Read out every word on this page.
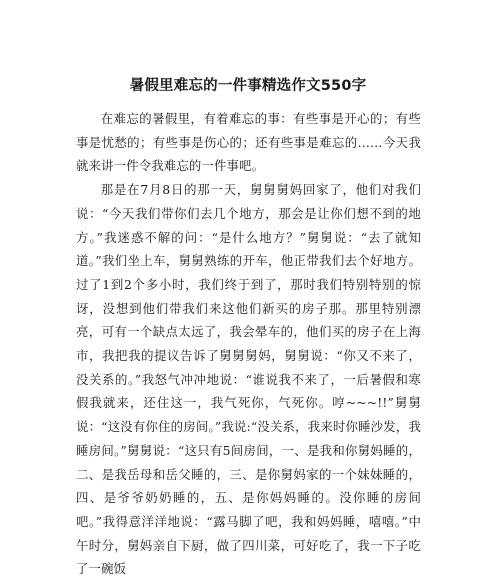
暑假里难忘的一件事精选作文550字

在难忘的暑假里，有着难忘的事：有些事是开心的；有些事是忧愁的；有些事是伤心的；还有些事是难忘的……今天我就来讲一件令我难忘的一件事吧。

那是在7月8日的那一天，舅舅舅妈回家了，他们对我们说：“今天我们带你们去几个地方，那会是让你们想不到的地方。”我迷惑不解的问：“是什么地方？”舅舅说：“去了就知道。”我们坐上车，舅舅熟练的开车，他正带我们去个好地方。过了1到2个多小时，我们终于到了，那时我们特别特别的惊讶，没想到他们带我们来这他们新买的房子那。那里特别漂亮，可有一个缺点太远了，我会晕车的，他们买的房子在上海市，我把我的提议告诉了舅舅舅妈，舅舅说：“你又不来了，没关系的。”我怒气冲冲地说：“谁说我不来了，一后暑假和寒假我就来，还住这一，我气死你，气死你。哼~~~!!”舅舅说：“这没有你住的房间。”我说:“没关系，我来时你睡沙发，我睡房间。”舅舅说：“这只有5间房间，一、是我和你舅妈睡的，二、是我岳母和岳父睡的，三、是你舅妈家的一个妹妹睡的，四、是爷爷奶奶睡的，五、是你妈妈睡的。没你睡的房间吧。”我得意洋洋地说：“露马脚了吧，我和妈妈睡，嘻嘻。”中午时分，舅妈亲自下厨，做了四川菜，可好吃了，我一下子吃了一碗饭
